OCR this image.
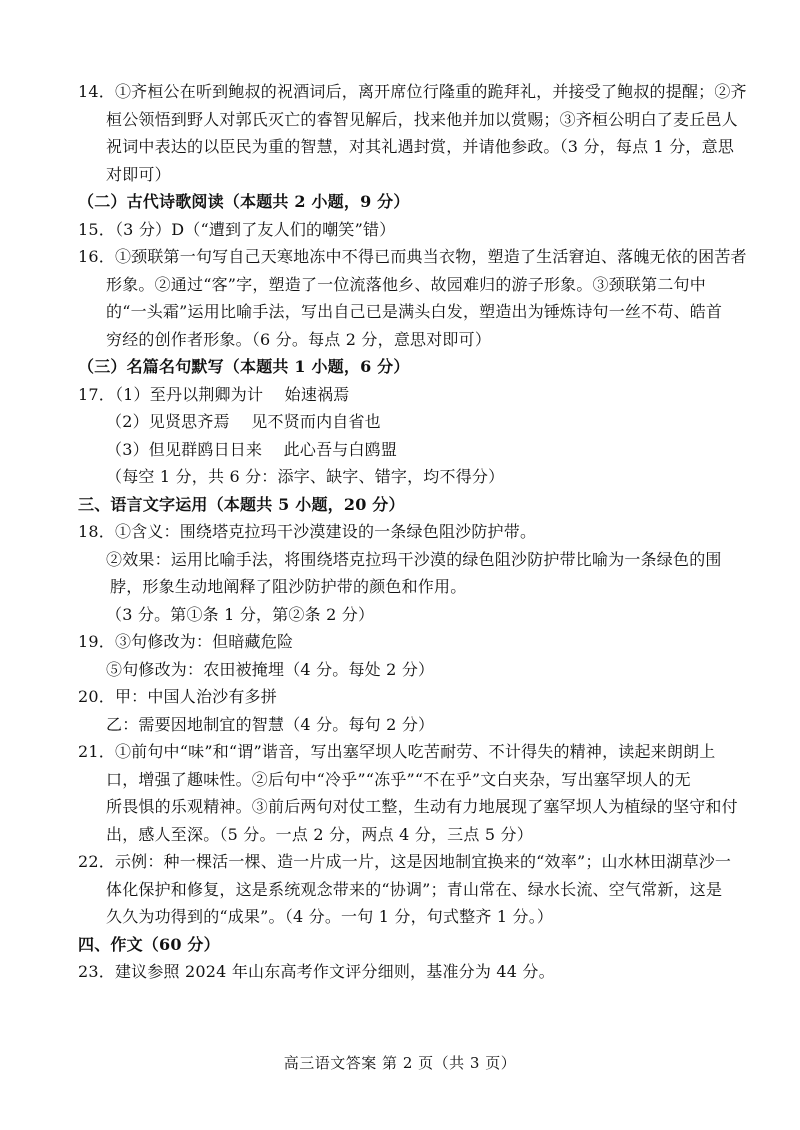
14．①齐桓公在听到鲍叔的祝酒词后，离开席位行隆重的跪拜礼，并接受了鲍叔的提醒；②齐
桓公领悟到野人对郭氏灭亡的睿智见解后，找来他并加以赏赐；③齐桓公明白了麦丘邑人
祝词中表达的以臣民为重的智慧，对其礼遇封赏，并请他参政。（3 分，每点 1 分，意思
对即可）
（二）古代诗歌阅读（本题共 2 小题，9 分）
15．（3 分）D（“遭到了友人们的嘲笑”错）
16．①颈联第一句写自己天寒地冻中不得已而典当衣物，塑造了生活窘迫、落魄无依的困苦者
形象。②通过“客”字，塑造了一位流落他乡、故园难归的游子形象。③颈联第二句中
的“一头霜”运用比喻手法，写出自己已是满头白发，塑造出为锤炼诗句一丝不苟、皓首
穷经的创作者形象。（6 分。每点 2 分，意思对即可）
（三）名篇名句默写（本题共 1 小题，6 分）
17．（1）至丹以荆卿为计　 始速祸焉
（2）见贤思齐焉　 见不贤而内自省也
（3）但见群鸥日日来　 此心吾与白鸥盟
（每空 1 分，共 6 分：添字、缺字、错字，均不得分）
三、语言文字运用（本题共 5 小题，20 分）
18．①含义：围绕塔克拉玛干沙漠建设的一条绿色阻沙防护带。
②效果：运用比喻手法，将围绕塔克拉玛干沙漠的绿色阻沙防护带比喻为一条绿色的围
脖，形象生动地阐释了阻沙防护带的颜色和作用。
（3 分。第①条 1 分，第②条 2 分）
19．③句修改为：但暗藏危险
⑤句修改为：农田被掩埋（4 分。每处 2 分）
20．甲：中国人治沙有多拼
乙：需要因地制宜的智慧（4 分。每句 2 分）
21．①前句中“味”和“谓”谐音，写出塞罕坝人吃苦耐劳、不计得失的精神，读起来朗朗上
口，增强了趣味性。②后句中“冷乎”“冻乎”“不在乎”文白夹杂，写出塞罕坝人的无
所畏惧的乐观精神。③前后两句对仗工整，生动有力地展现了塞罕坝人为植绿的坚守和付
出，感人至深。（5 分。一点 2 分，两点 4 分，三点 5 分）
22．示例：种一棵活一棵、造一片成一片，这是因地制宜换来的“效率”；山水林田湖草沙一
体化保护和修复，这是系统观念带来的“协调”；青山常在、绿水长流、空气常新，这是
久久为功得到的“成果”。（4 分。一句 1 分，句式整齐 1 分。）
四、作文（60 分）
23．建议参照 2024 年山东高考作文评分细则，基准分为 44 分。
高三语文答案 第 2 页（共 3 页）
